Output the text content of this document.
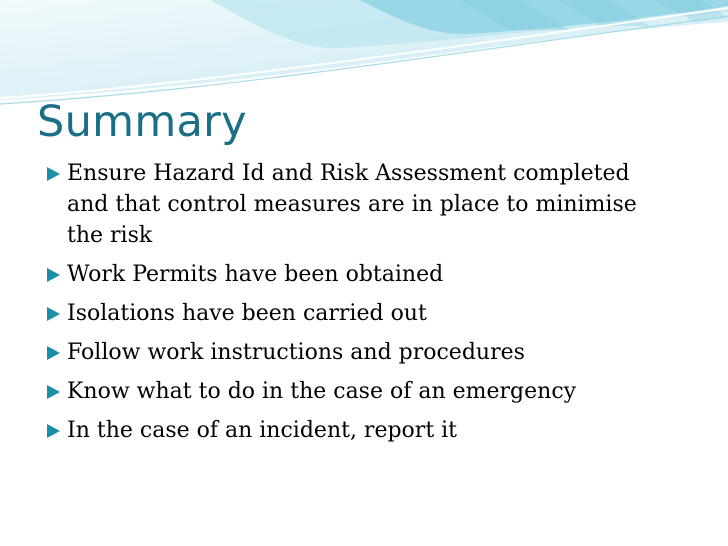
Summary
Ensure Hazard Id and Risk Assessment completed and that control measures are in place to minimise the risk
Work Permits have been obtained
Isolations have been carried out
Follow work instructions and procedures
Know what to do in the case of an emergency
In the case of an incident, report it
